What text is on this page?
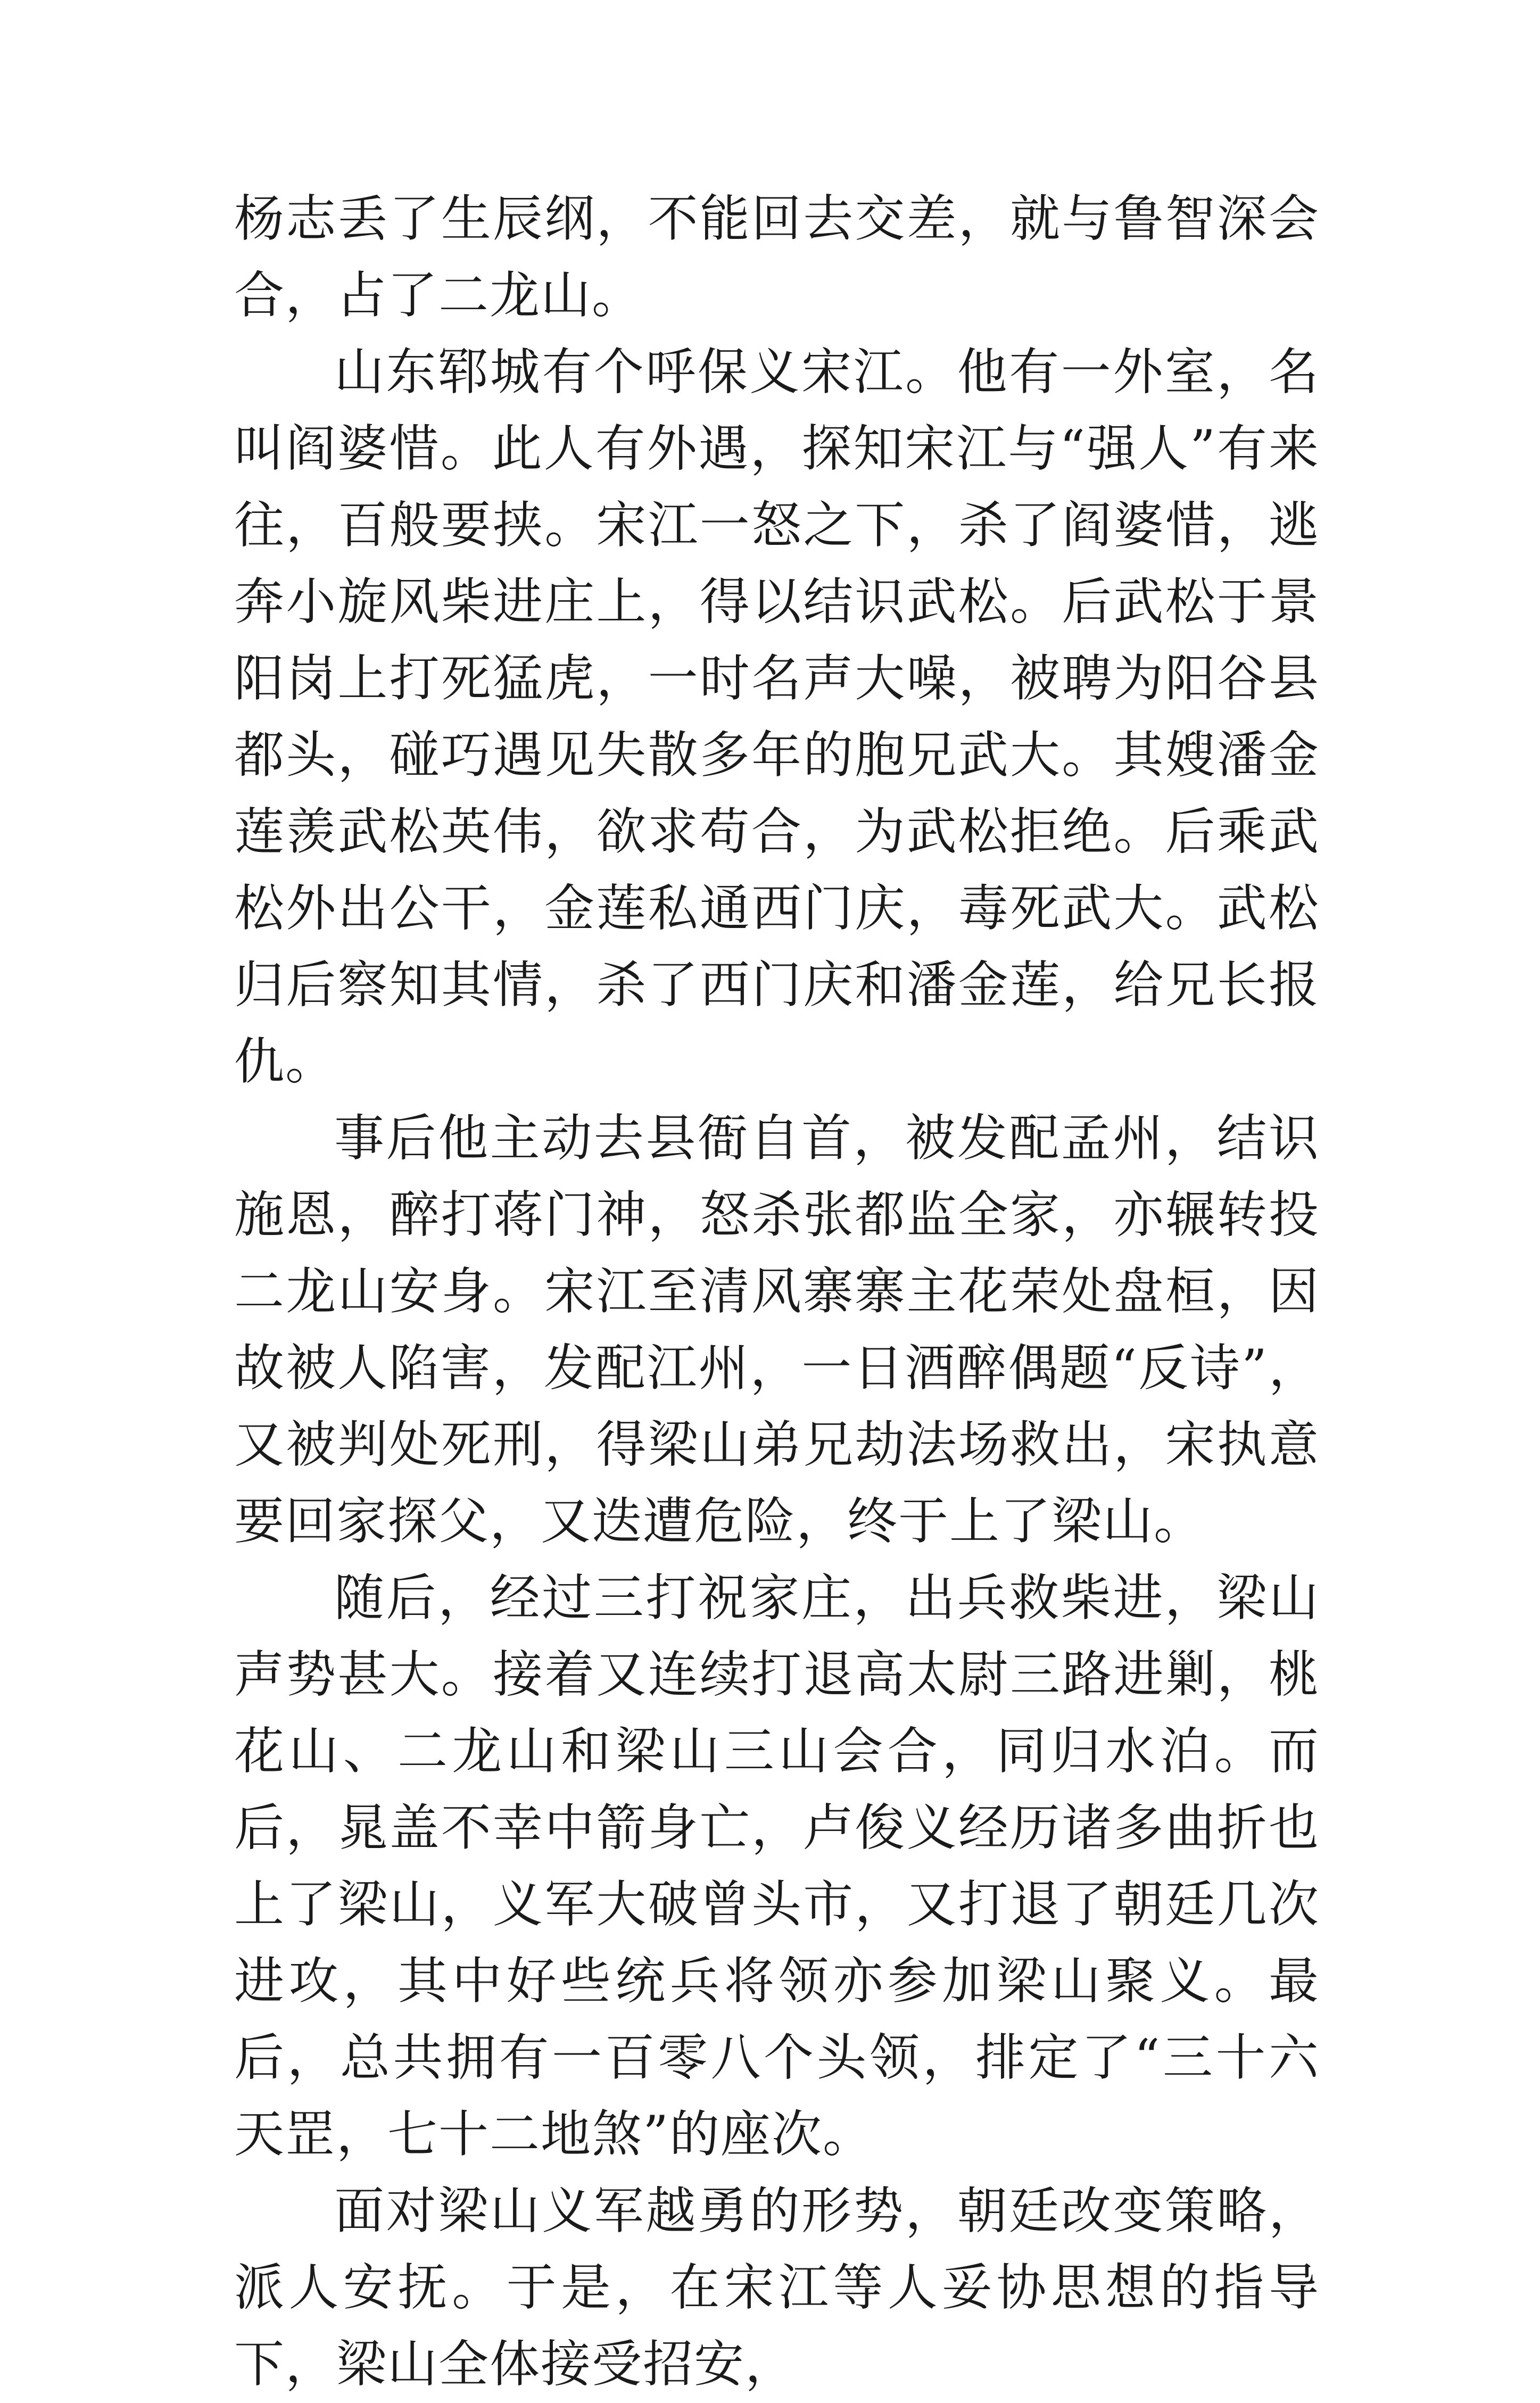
杨志丢了生辰纲，不能回去交差，就与鲁智深会合，占了二龙山。

山东郓城有个呼保义宋江。他有一外室，名叫阎婆惜。此人有外遇，探知宋江与“强人”有来往，百般要挟。宋江一怒之下，杀了阎婆惜，逃奔小旋风柴进庄上，得以结识武松。后武松于景阳岗上打死猛虎，一时名声大噪，被聘为阳谷县都头，碰巧遇见失散多年的胞兄武大。其嫂潘金莲羡武松英伟，欲求苟合，为武松拒绝。后乘武松外出公干，金莲私通西门庆，毒死武大。武松归后察知其情，杀了西门庆和潘金莲，给兄长报仇。

事后他主动去县衙自首，被发配孟州，结识施恩，醉打蒋门神，怒杀张都监全家，亦辗转投二龙山安身。宋江至清风寨寨主花荣处盘桓，因故被人陷害，发配江州，一日酒醉偶题“反诗”，又被判处死刑，得梁山弟兄劫法场救出，宋执意要回家探父，又迭遭危险，终于上了梁山。

随后，经过三打祝家庄，出兵救柴进，梁山声势甚大。接着又连续打退高太尉三路进剿，桃花山、二龙山和梁山三山会合，同归水泊。而后，晁盖不幸中箭身亡，卢俊义经历诸多曲折也上了梁山，义军大破曾头市，又打退了朝廷几次进攻，其中好些统兵将领亦参加梁山聚义。最后，总共拥有一百零八个头领，排定了“三十六天罡，七十二地煞”的座次。

面对梁山义军越勇的形势，朝廷改变策略，派人安抚。于是，在宋江等人妥协思想的指导下，梁山全体接受招安，
